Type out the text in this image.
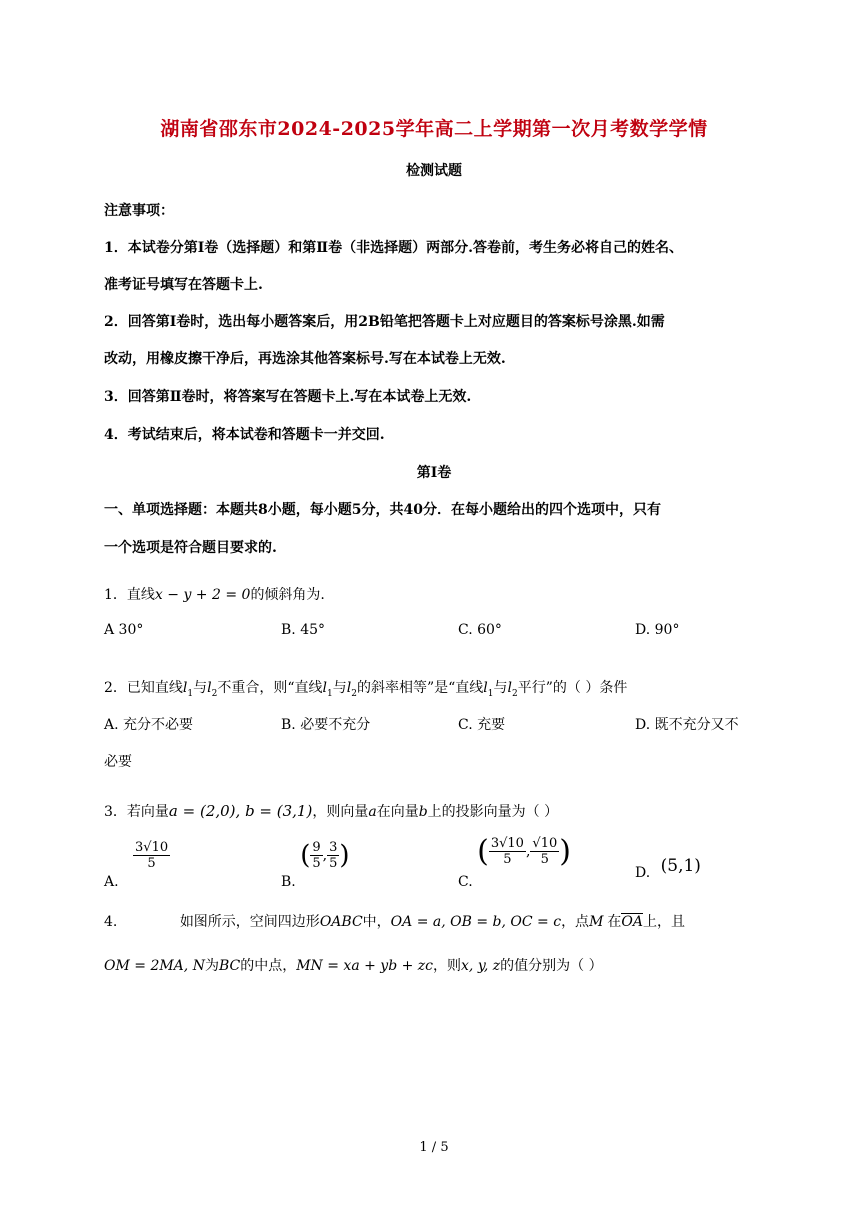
湖南省邵东市2024-2025学年高二上学期第一次月考数学学情
检测试题
注意事项：
1．本试卷分第Ⅰ卷（选择题）和第Ⅱ卷（非选择题）两部分.答卷前，考生务必将自己的姓名、
准考证号填写在答题卡上.
2．回答第Ⅰ卷时，选出每小题答案后，用2B铅笔把答题卡上对应题目的答案标号涂黑.如需
改动，用橡皮擦干净后，再选涂其他答案标号.写在本试卷上无效.
3．回答第Ⅱ卷时，将答案写在答题卡上.写在本试卷上无效.
4．考试结束后，将本试卷和答题卡一并交回.
第Ⅰ卷
一、单项选择题：本题共8小题，每小题5分，共40分．在每小题给出的四个选项中，只有
一个选项是符合题目要求的.
1．直线x − y + 2 = 0的倾斜角为.
A 30°	B. 45°	C. 60°	D. 90°
2．已知直线$l_1$与$l_2$不重合，则“直线$l_1$与$l_2$的斜率相等”是“直线$l_1$与$l_2$平行”的（ ）条件
A. 充分不必要	B. 必要不充分	C. 充要	D. 既不充分又不
必要
3．若向量a = (2,0), b = (3,1)，则向量a在向量b上的投影向量为（ ）
A.
$\frac{3√10}{5}$
B. ( $\frac{9}{5}$ , $\frac{3}{5}$ )
C. ( $\frac{3√10}{5}$ , $\frac{√10}{5}$ )
D. (5,1)
4.	如图所示，空间四边形OABC中，OA = a, OB = b, OC = c，点M 在OA上，且
OM = 2MA, N为BC的中点，MN = xa + yb + zc，则x, y, z的值分别为（ ）
1 / 5
